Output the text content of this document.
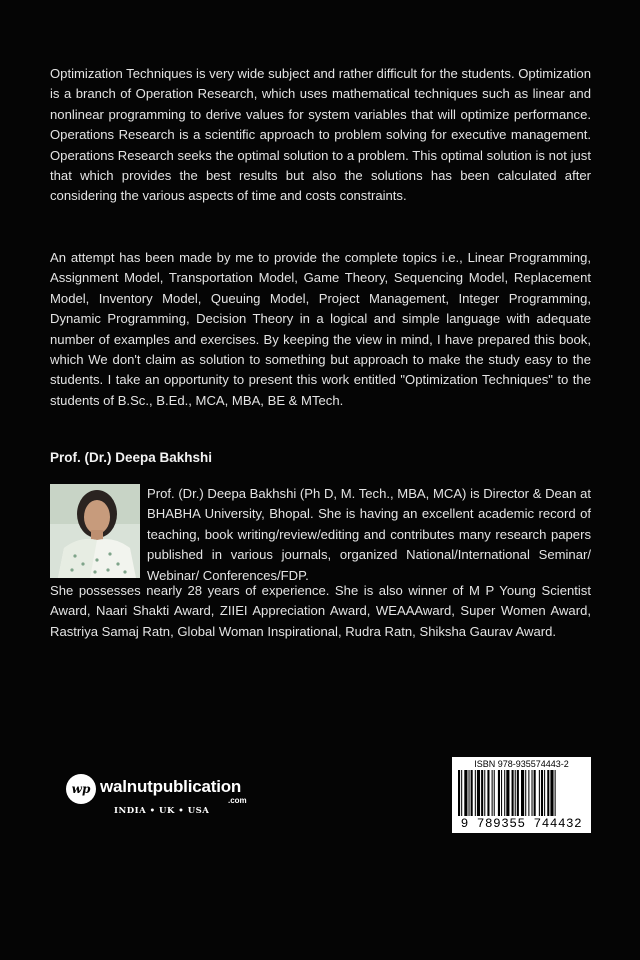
Optimization Techniques is very wide subject and rather difficult for the students. Optimization is a branch of Operation Research, which uses mathematical techniques such as linear and nonlinear programming to derive values for system variables that will optimize performance. Operations Research is a scientific approach to problem solving for executive management. Operations Research seeks the optimal solution to a problem. This optimal solution is not just that which provides the best results but also the solutions has been calculated after considering the various aspects of time and costs constraints.
An attempt has been made by me to provide the complete topics i.e., Linear Programming, Assignment Model, Transportation Model, Game Theory, Sequencing Model, Replacement Model, Inventory Model, Queuing Model, Project Management, Integer Programming, Dynamic Programming, Decision Theory in a logical and simple language with adequate number of examples and exercises. By keeping the view in mind, I have prepared this book, which We don't claim as solution to something but approach to make the study easy to the students. I take an opportunity to present this work entitled "Optimization Techniques" to the students of B.Sc., B.Ed., MCA, MBA, BE & MTech.
Prof. (Dr.) Deepa Bakhshi
Prof. (Dr.) Deepa Bakhshi (Ph D, M. Tech., MBA, MCA) is Director & Dean at BHABHA University, Bhopal. She is having an excellent academic record of teaching, book writing/review/editing and contributes many research papers published in various journals, organized National/International Seminar/ Webinar/ Conferences/FDP.
She possesses nearly 28 years of experience. She is also winner of M P Young Scientist Award, Naari Shakti Award, ZIIEI Appreciation Award, WEAAAward, Super Women Award, Rastriya Samaj Ratn, Global Woman Inspirational, Rudra Ratn, Shiksha Gaurav Award.
wp walnutpublication
.com
INDIA • UK • USA
ISBN 978-935574443-2
9 789355 744432
